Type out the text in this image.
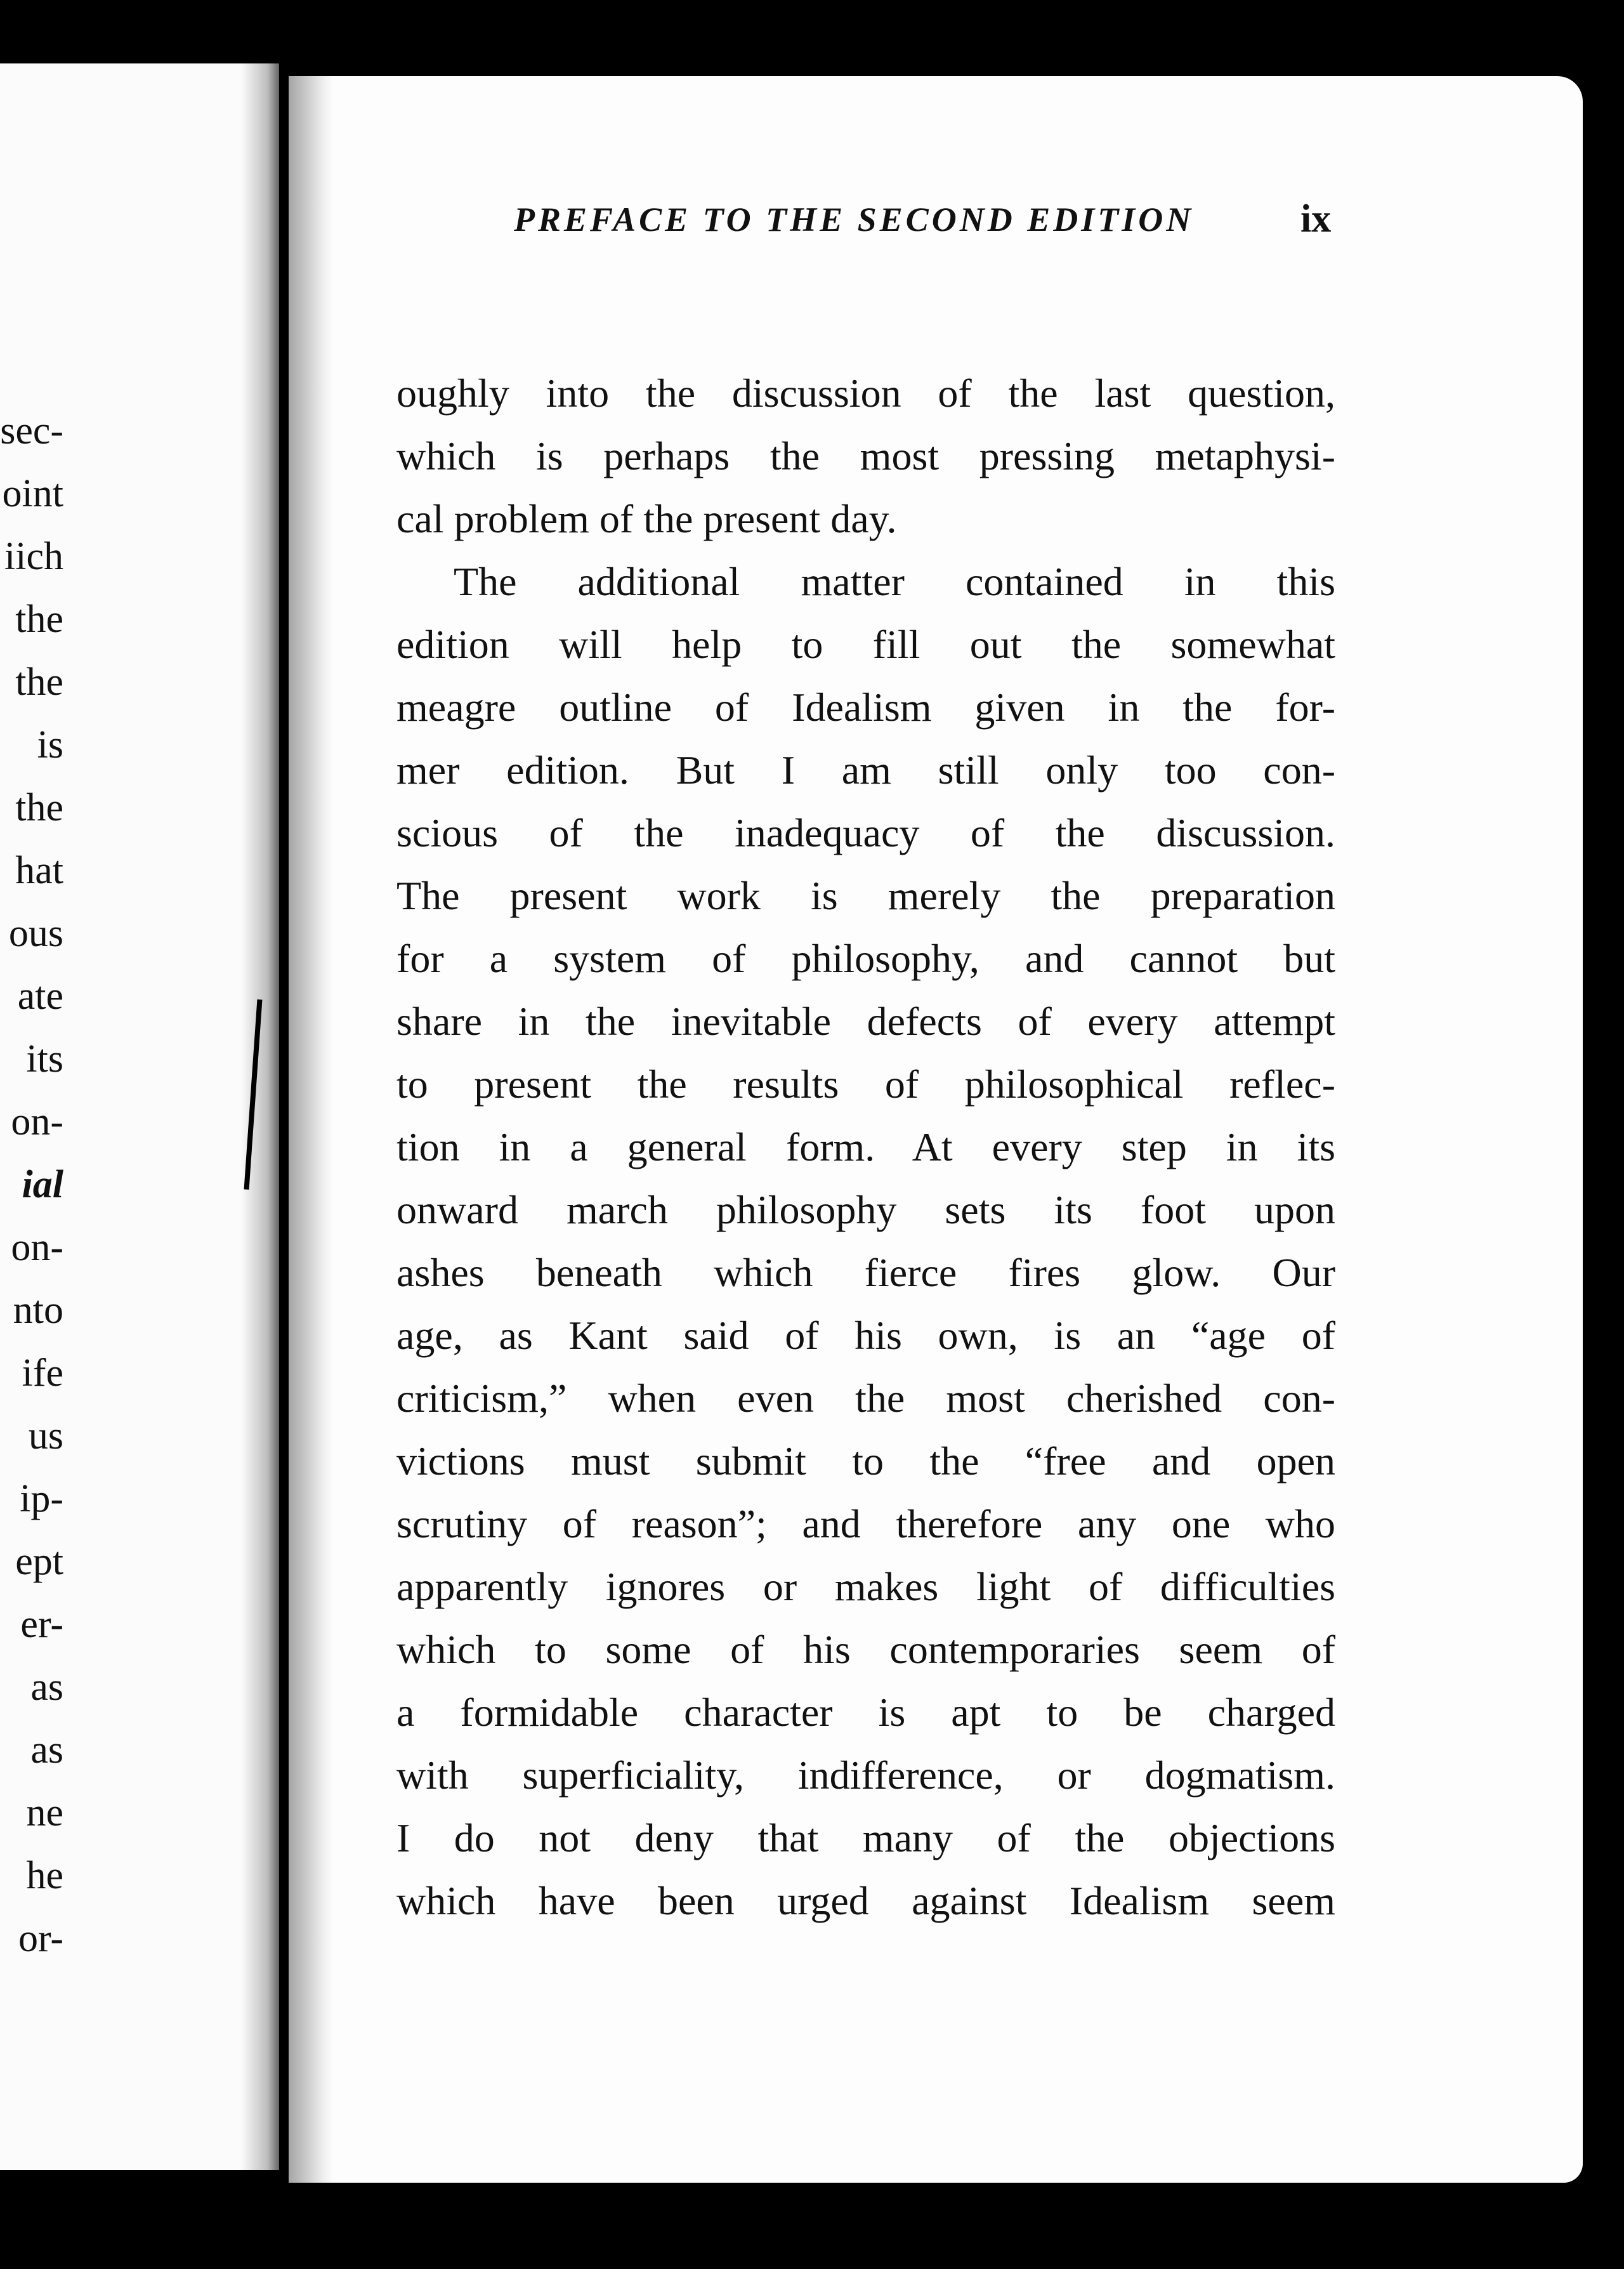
sec-
oint
iich
the
the
is
the
hat
ous
ate
its
on-
ial
on-
nto
ife
us
ip-
ept
er-
as
as
ne
he
or-
PREFACE TO THE SECOND EDITION	ix
oughly into the discussion of the last question,
which is perhaps the most pressing metaphysi-
cal problem of the present day.
The additional matter contained in this
edition will help to fill out the somewhat
meagre outline of Idealism given in the for-
mer edition. But I am still only too con-
scious of the inadequacy of the discussion.
The present work is merely the preparation
for a system of philosophy, and cannot but
share in the inevitable defects of every attempt
to present the results of philosophical reflec-
tion in a general form. At every step in its
onward march philosophy sets its foot upon
ashes beneath which fierce fires glow. Our
age, as Kant said of his own, is an “age of
criticism,” when even the most cherished con-
victions must submit to the “free and open
scrutiny of reason”; and therefore any one who
apparently ignores or makes light of difficulties
which to some of his contemporaries seem of
a formidable character is apt to be charged
with superficiality, indifference, or dogmatism.
I do not deny that many of the objections
which have been urged against Idealism seem
